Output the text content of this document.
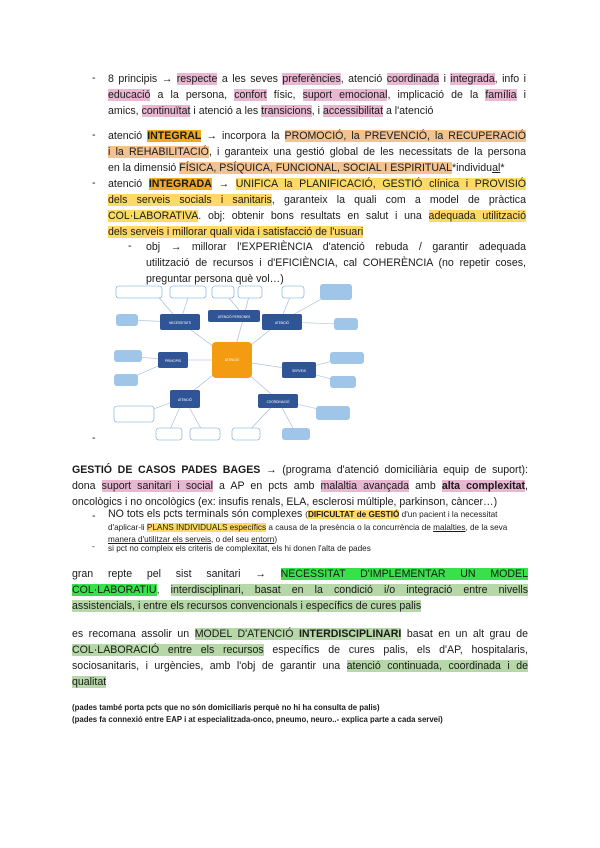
- 8 principis → respecte a les seves preferències, atenció coordinada i integrada, info i
educació a la persona, confort físic, suport emocional, implicació de la família i
amics, continuïtat i atenció a les transicions, i accessibilitat a l'atenció
- atenció INTEGRAL → incorpora la PROMOCIÓ, la PREVENCIÓ, la RECUPERACIÓ
i la REHABILITACIÓ, i garanteix una gestió global de les necessitats de la persona
en la dimensió FÍSICA, PSÍQUICA, FUNCIONAL, SOCIAL I ESPIRITUAL*individual*
- atenció INTEGRADA → UNIFICA la PLANIFICACIÓ, GESTIÓ clínica i PROVISIÓ
dels serveis socials i sanitaris, garanteix la quali com a model de pràctica
COL·LABORATIVA. obj: obtenir bons resultats en salut i una adequada utilització
dels serveis i millorar quali vida i satisfacció de l'usuari
- obj → millorar l'EXPERIÈNCIA d'atenció rebuda / garantir adequada
utilització de recursos i d'EFICIÈNCIA, cal COHERÈNCIA (no repetir coses,
preguntar persona què vol…)
ATENCIÓ
ATENCIÓ PERSONES
NECESSITATS	ATENCIÓ
PRINCIPIS
SERVEIS
ATENCIÓ	COORDINACIÓ
-
GESTIÓ DE CASOS PADES BAGES → (programa d'atenció domiciliària equip de suport):
dona suport sanitari i social a AP en pcts amb malaltia avançada amb alta complexitat,
oncològics i no oncològics (ex: insufis renals, ELA, esclerosi múltiple, parkinson, càncer…)
- NO tots els pcts terminals són complexes (DIFICULTAT de GESTIÓ d'un pacient i la necessitat
d'aplicar-li PLANS INDIVIDUALS específics a causa de la presència o la concurrència de malalties, de la seva
manera d'utilitzar els serveis, o del seu entorn)
- si pct no compleix els criteris de complexitat, els hi donen l'alta de pades
gran repte pel sist sanitari → NECESSITAT D'IMPLEMENTAR UN MODEL
COL·LABORATIU, interdisciplinari, basat en la condició i/o integració entre nivells
assistencials, i entre els recursos convencionals i específics de cures palis
es recomana assolir un MODEL D'ATENCIÓ INTERDISCIPLINARI basat en un alt grau de
COL·LABORACIÓ entre els recursos específics de cures palis, els d'AP, hospitalaris,
sociosanitaris, i urgències, amb l'obj de garantir una atenció continuada, coordinada i de
qualitat
(pades també porta pcts que no són domiciliaris perquè no hi ha consulta de palis)
(pades fa connexió entre EAP i at especialitzada-onco, pneumo, neuro..- explica parte a cada servei)
